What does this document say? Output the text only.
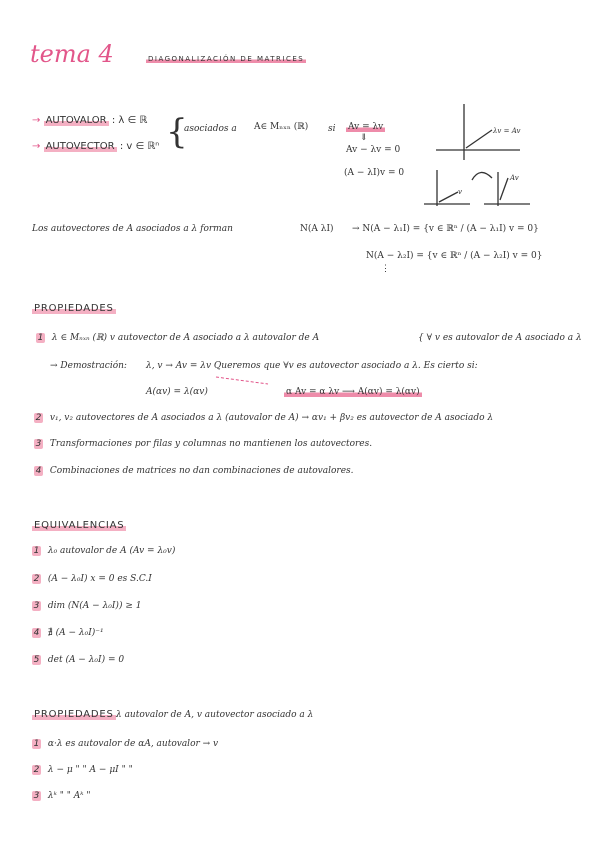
tema 4	DIAGONALIZACIÓN DE MATRICES
→ AUTOVALOR : λ ∈ ℝ
→ AUTOVECTOR : v ∈ ℝⁿ {
asociados a A∈ Mₙₓₙ (ℝ) si Av = λv
⇓
Av − λv = 0
(A − λI)v = 0
λv = Av
Av
v
Los autovectores de A asociados a λ forman	N(A λI) → N(A − λ₁I) = {v ∈ ℝⁿ / (A − λ₁I) v = 0}
N(A − λ₂I) = {v ∈ ℝⁿ / (A − λ₂I) v = 0}
⋮
PROPIEDADES
1 λ ∈ Mₙₓₙ (ℝ) v autovector de A asociado a λ autovalor de A	{ ∀ v es autovalor de A asociado a λ
→ Demostración: λ, v → Av = λv Queremos que ∀v es autovector asociado a λ. Es cierto si:
A(αv) = λ(αv)	α Av = α λv ⟶ A(αv) = λ(αv)
2 v₁, v₂ autovectores de A asociados a λ (autovalor de A) → αv₁ + βv₂ es autovector de A asociado λ
3 Transformaciones por filas y columnas no mantienen los autovectores.
4 Combinaciones de matrices no dan combinaciones de autovalores.
EQUIVALENCIAS
1 λ₀ autovalor de A (Av = λ₀v)
2 (A − λ₀I) x = 0 es S.C.I
3 dim (N(A − λ₀I)) ≥ 1
4 ∄ (A − λ₀I)⁻¹
5 det (A − λ₀I) = 0
PROPIEDADES λ autovalor de A, v autovector asociado a λ
1 α·λ es autovalor de αA, autovalor → v
2 λ − μ " " A − μI " "
3 λᵏ " " Aᵏ "
